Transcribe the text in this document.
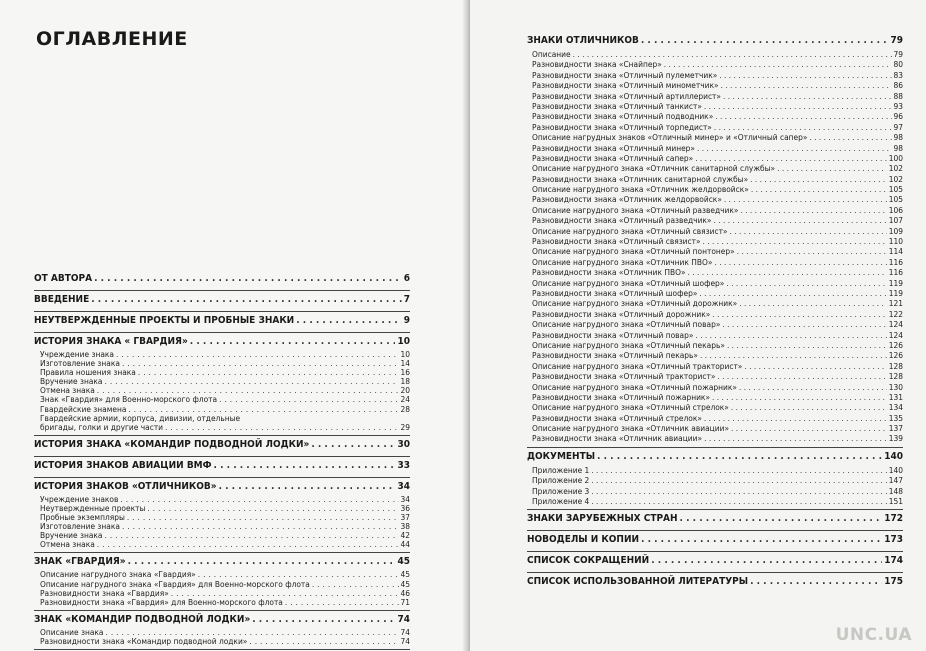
ОГЛАВЛЕНИЕ
ОТ АВТОРА . . .	6
ВВЕДЕНИЕ . . .	7
НЕУТВЕРЖДЕННЫЕ ПРОЕКТЫ И ПРОБНЫЕ ЗНАКИ . . .	9
ИСТОРИЯ ЗНАКА « ГВАРДИЯ» . . .	10
Учреждение знака . . .	10
Изготовление знака . . .	14
Правила ношения знака . . .	16
Вручение знака . . .	18
Отмена знака . . .	20
Знак «Гвардия» для Военно-морского флота . . .	24
Гвардейские знамена . . .	28
Гвардейские армии, корпуса, дивизии, отдельные
бригады, голки и другие части . . .	29
ИСТОРИЯ ЗНАКА «КОМАНДИР ПОДВОДНОЙ ЛОДКИ» . . .	30
ИСТОРИЯ ЗНАКОВ АВИАЦИИ ВМФ . . .	33
ИСТОРИЯ ЗНАКОВ «ОТЛИЧНИКОВ» . . .	34
Учреждение знаков . . .	34
Неутвержденные проекты . . .	36
Пробные экземпляры . . .	37
Изготовление знака . . .	38
Вручение знака . . .	42
Отмена знака . . .	44
ЗНАК «ГВАРДИЯ» . . .	45
Описание нагрудного знака «Гвардия» . . .	45
Описание нагрудного знака «Гвардия» для Военно-морского флота . . .	45
Разновидности знака «Гвардия» . . .	46
Разновидности знака «Гвардия» для Военно-морского флота . . .	71
ЗНАК «КОМАНДИР ПОДВОДНОЙ ЛОДКИ» . . .	74
Описание знака . . .	74
Разновидности знака «Командир подводной лодки» . . .	74
. . .
ЗНАКИ ОТЛИЧНИКОВ . . .	79
Описание . . .	79
Разновидности знака «Снайпер» . . .	80
Разновидности знака «Отличный пулеметчик» . . .	83
Разновидности знака «Отличный минометчик» . . .	86
Разновидности знака «Отличный артиллерист» . . .	88
Разновидности знака «Отличный танкист» . . .	93
Разновидности знака «Отличный подводник» . . .	96
Разновидности знака «Отличный торпедист» . . .	97
Описание нагрудных знаков «Отличный минер» и «Отличный сапер» . . .	98
Разновидности знака «Отличный минер» . . .	98
Разновидности знака «Отличный сапер» . . .	100
Описание нагрудного знака «Отличник санитарной службы» . . .	102
Разновидности знака «Отличник санитарной службы» . . .	102
Описание нагрудного знака «Отличник желдорвойск» . . .	105
Разновидности знака «Отличник желдорвойск» . . .	105
Описание нагрудного знака «Отличный разведчик» . . .	106
Разновидности знака «Отличный разведчик» . . .	107
Описание нагрудного знака «Отличный связист» . . .	109
Разновидности знака «Отличный связист» . . .	110
Описание нагрудного знака «Отличный понтонер» . . .	114
Описание нагрудного знака «Отличник ПВО» . . .	116
Разновидности знака «Отличник ПВО» . . .	116
Описание нагрудного знака «Отличный шофер» . . .	119
Разновидности знака «Отличный шофер» . . .	119
Описание нагрудного знака «Отличный дорожник» . . .	121
Разновидности знака «Отличный дорожник» . . .	122
Описание нагрудного знака «Отличный повар» . . .	124
Разновидности знака «Отличный повар» . . .	124
Описание нагрудного знака «Отличный пекарь» . . .	126
Разновидности знака «Отличный пекарь» . . .	126
Описание нагрудного знака «Отличный тракторист» . . .	128
Разновидности знака «Отличный тракторист» . . .	128
Описание нагрудного знака «Отличный пожарник» . . .	130
Разновидности знака «Отличный пожарник» . . .	131
Описание нагрудного знака «Отличный стрелок» . . .	134
Разновидности знака «Отличный стрелок» . . .	135
Описание нагрудного знака «Отличник авиации» . . .	137
Разновидности знака «Отличник авиации» . . .	139
ДОКУМЕНТЫ . . .	140
Приложение 1 . . .	140
Приложение 2 . . .	147
Приложение 3 . . .	148
Приложение 4 . . .	151
ЗНАКИ ЗАРУБЕЖНЫХ СТРАН . . .	172
НОВОДЕЛЫ И КОПИИ . . .	173
СПИСОК СОКРАЩЕНИЙ . . .	174
СПИСОК ИСПОЛЬЗОВАННОЙ ЛИТЕРАТУРЫ . . .	175
UNC.UA
